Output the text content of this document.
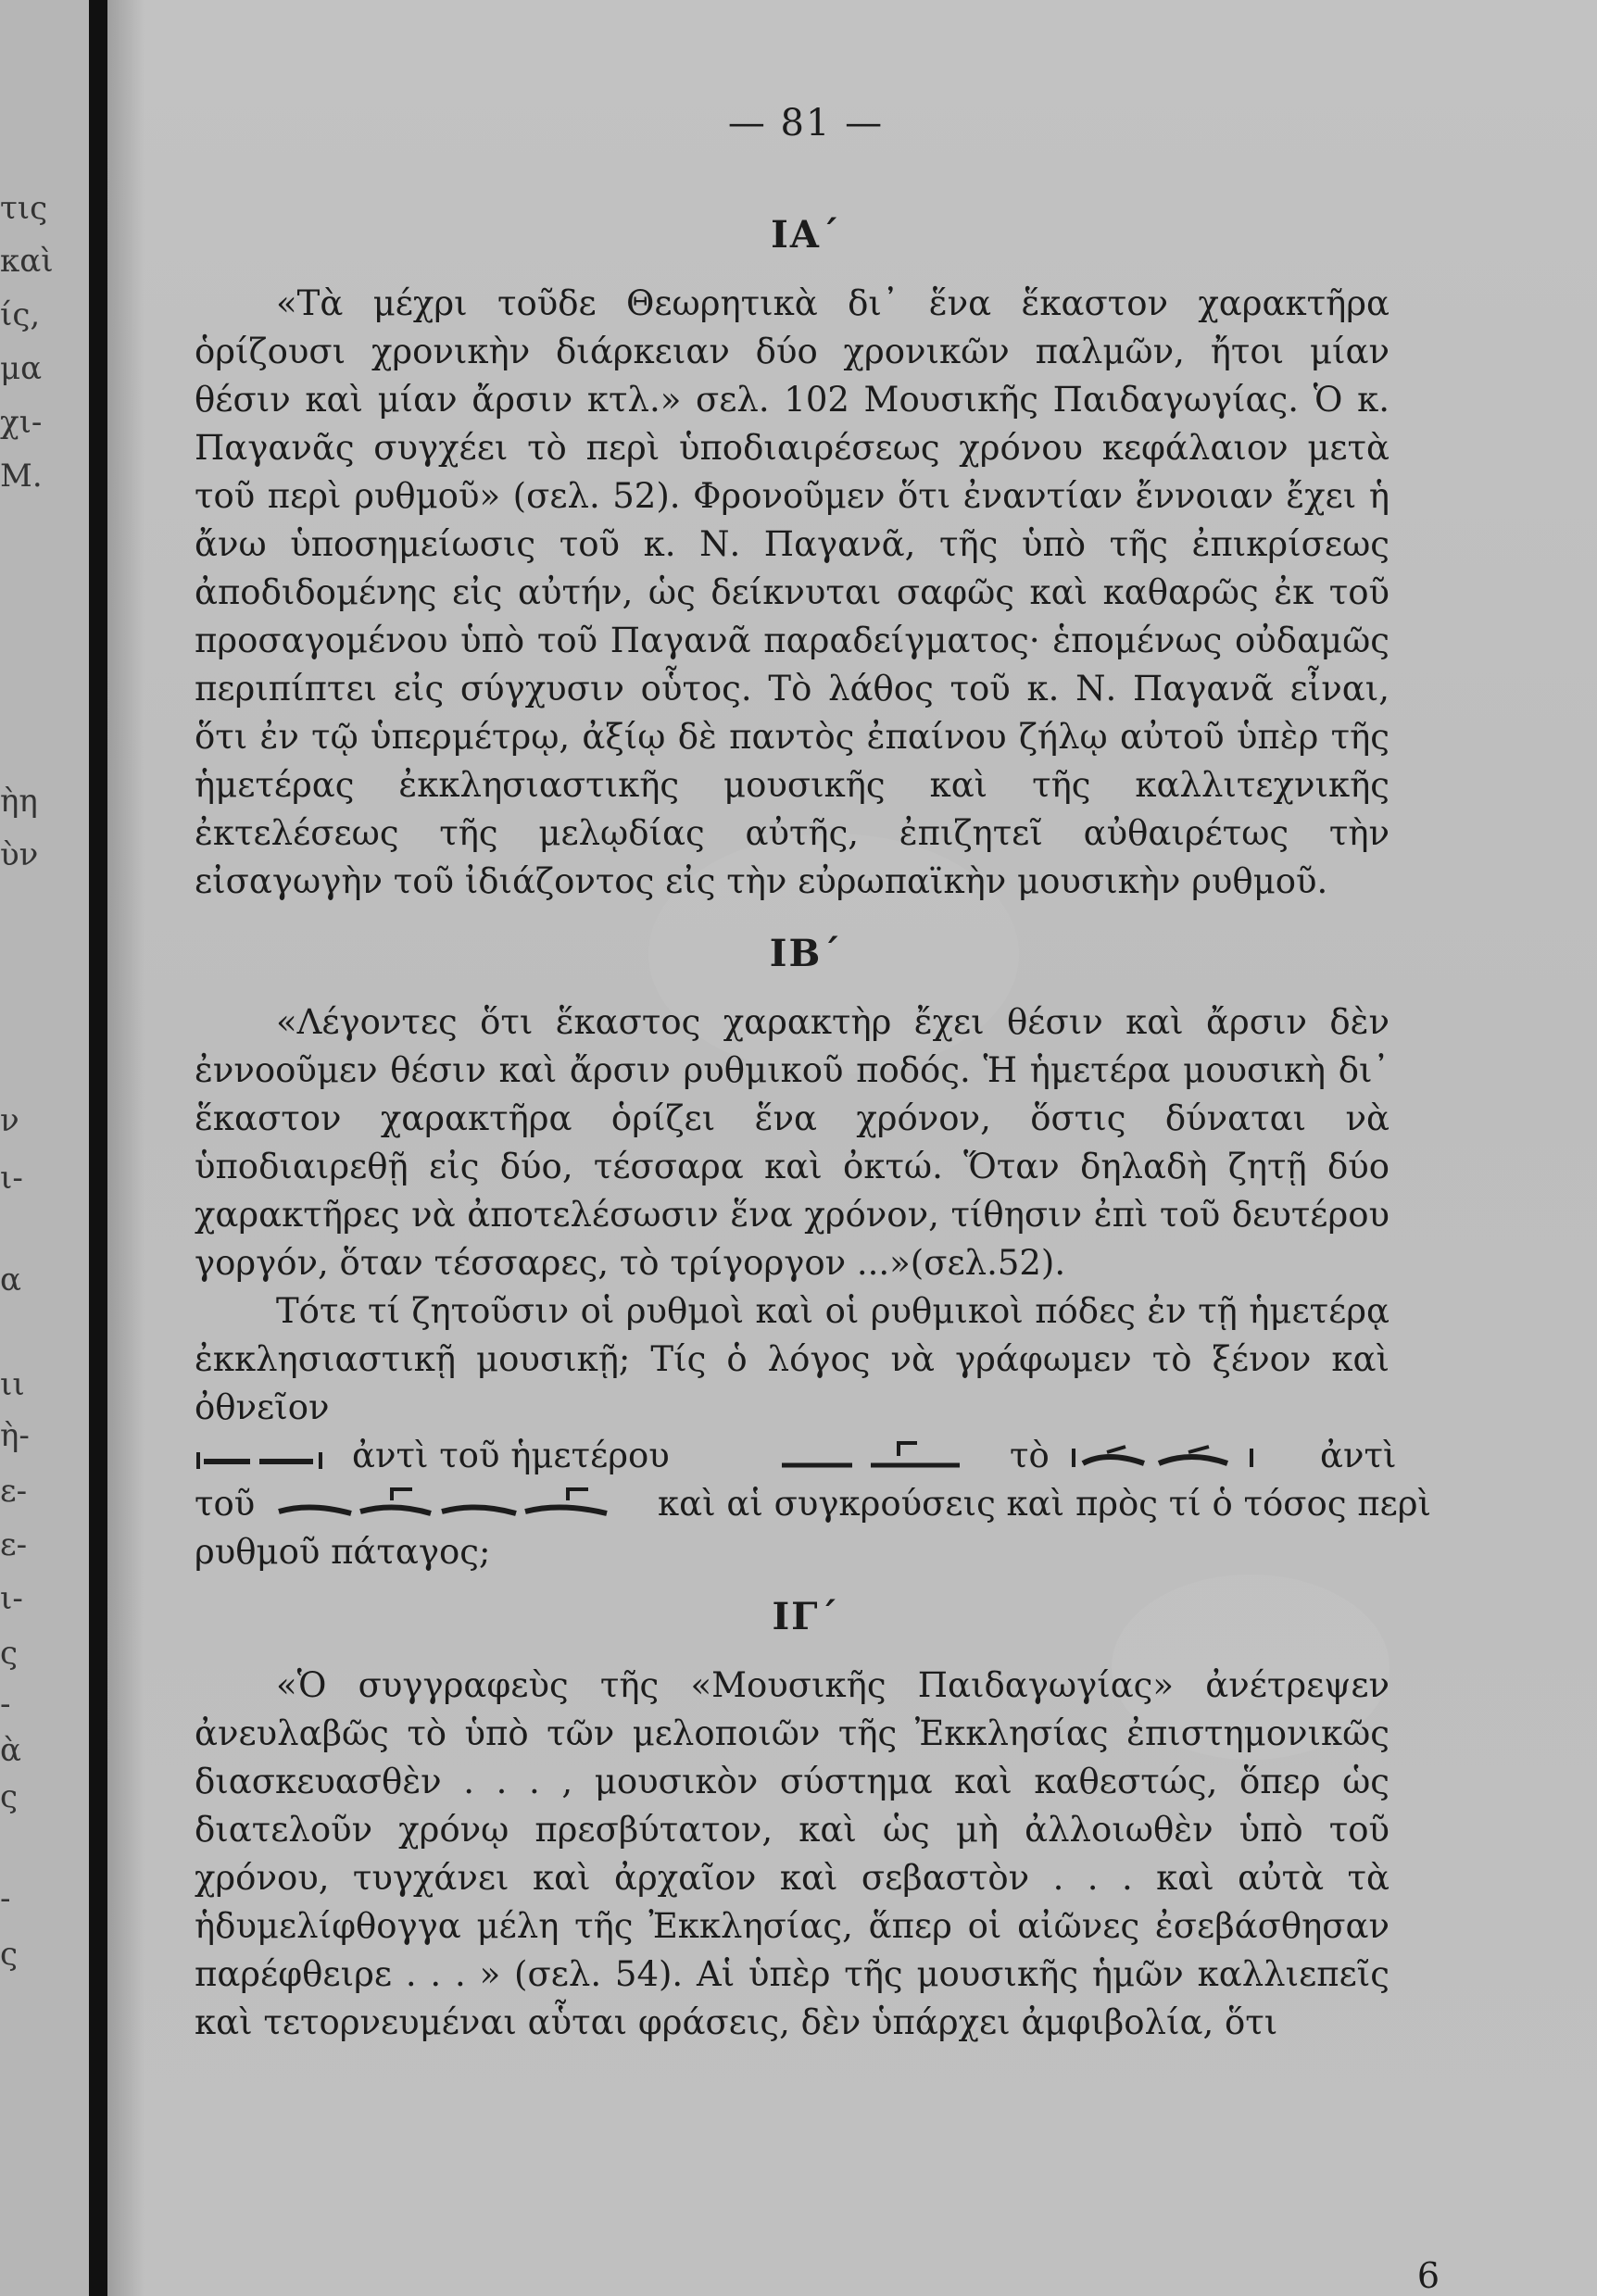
τις
καὶ
ίς,
μα
χι-
Μ.
ὴη
ὺν
ν
ι-
α
ιι
ὴ-
ε-
ε-
ι-
ς
-
ὰ
ς
-
ς
— 81 —
ΙΑ΄

«Τὰ μέχρι τοῦδε Θεωρητικὰ δι᾽ ἕνα ἕκαστον χαρακτῆρα ὁρίζουσι χρονικὴν διάρκειαν δύο χρονικῶν παλμῶν, ἤτοι μίαν θέσιν καὶ μίαν ἄρσιν κτλ.» σελ. 102 Μουσικῆς Παιδαγωγίας. Ὁ κ. Παγανᾶς συγχέει τὸ περὶ ὑποδιαιρέσεως χρόνου κεφάλαιον μετὰ τοῦ περὶ ρυθμοῦ» (σελ. 52). Φρονοῦμεν ὅτι ἐναντίαν ἔννοιαν ἔχει ἡ ἄνω ὑποσημείωσις τοῦ κ. Ν. Παγανᾶ, τῆς ὑπὸ τῆς ἐπικρίσεως ἀποδιδομένης εἰς αὐτήν, ὡς δείκνυται σαφῶς καὶ καθαρῶς ἐκ τοῦ προσαγομένου ὑπὸ τοῦ Παγανᾶ παραδείγματος· ἑπομένως οὐδαμῶς περιπίπτει εἰς σύγχυσιν οὗτος. Τὸ λάθος τοῦ κ. Ν. Παγανᾶ εἶναι, ὅτι ἐν τῷ ὑπερμέτρῳ, ἀξίῳ δὲ παντὸς ἐπαίνου ζήλῳ αὐτοῦ ὑπὲρ τῆς ἡμετέρας ἐκκλησιαστικῆς μουσικῆς καὶ τῆς καλλιτεχνικῆς ἐκτελέσεως τῆς μελῳδίας αὐτῆς, ἐπιζητεῖ αὐθαιρέτως τὴν εἰσαγωγὴν τοῦ ἰδιάζοντος εἰς τὴν εὐρωπαϊκὴν μουσικὴν ρυθμοῦ.

ΙΒ΄

«Λέγοντες ὅτι ἕκαστος χαρακτὴρ ἔχει θέσιν καὶ ἄρσιν δὲν ἐννοοῦμεν θέσιν καὶ ἄρσιν ρυθμικοῦ ποδός. Ἡ ἡμετέρα μουσικὴ δι᾽ ἕκαστον χαρακτῆρα ὁρίζει ἕνα χρόνον, ὅστις δύναται νὰ ὑποδιαιρεθῇ εἰς δύο, τέσσαρα καὶ ὀκτώ. Ὅταν δηλαδὴ ζητῇ δύο χαρακτῆρες νὰ ἀποτελέσωσιν ἕνα χρόνον, τίθησιν ἐπὶ τοῦ δευτέρου γοργόν, ὅταν τέσσαρες, τὸ τρίγοργον ...»(σελ.52).

Τότε τί ζητοῦσιν οἱ ρυθμοὶ καὶ οἱ ρυθμικοὶ πόδες ἐν τῇ ἡμετέρᾳ ἐκκλησιαστικῇ μουσικῇ; Τίς ὁ λόγος νὰ γράφωμεν τὸ ξένον καὶ ὀθνεῖον

ἀντὶ τοῦ ἡμετέρου	τὸ	ἀντὶ
τοῦ	καὶ αἱ συγκρούσεις καὶ πρὸς τί ὁ τόσος περὶ

ρυθμοῦ πάταγος;

ΙΓ΄

«Ὁ συγγραφεὺς τῆς «Μουσικῆς Παιδαγωγίας» ἀνέτρεψεν ἀνευλαβῶς τὸ ὑπὸ τῶν μελοποιῶν τῆς Ἐκκλησίας ἐπιστημονικῶς διασκευασθὲν . . . , μουσικὸν σύστημα καὶ καθεστώς, ὅπερ ὡς διατελοῦν χρόνῳ πρεσβύτατον, καὶ ὡς μὴ ἀλλοιωθὲν ὑπὸ τοῦ χρόνου, τυγχάνει καὶ ἀρχαῖον καὶ σεβαστὸν . . . καὶ αὐτὰ τὰ ἡδυμελίφθογγα μέλη τῆς Ἐκκλησίας, ἅπερ οἱ αἰῶνες ἐσεβάσθησαν παρέφθειρε . . . » (σελ. 54). Αἱ ὑπὲρ τῆς μουσικῆς ἡμῶν καλλιεπεῖς καὶ τετορνευμέναι αὗται φράσεις, δὲν ὑπάρχει ἀμφιβολία, ὅτι

6
